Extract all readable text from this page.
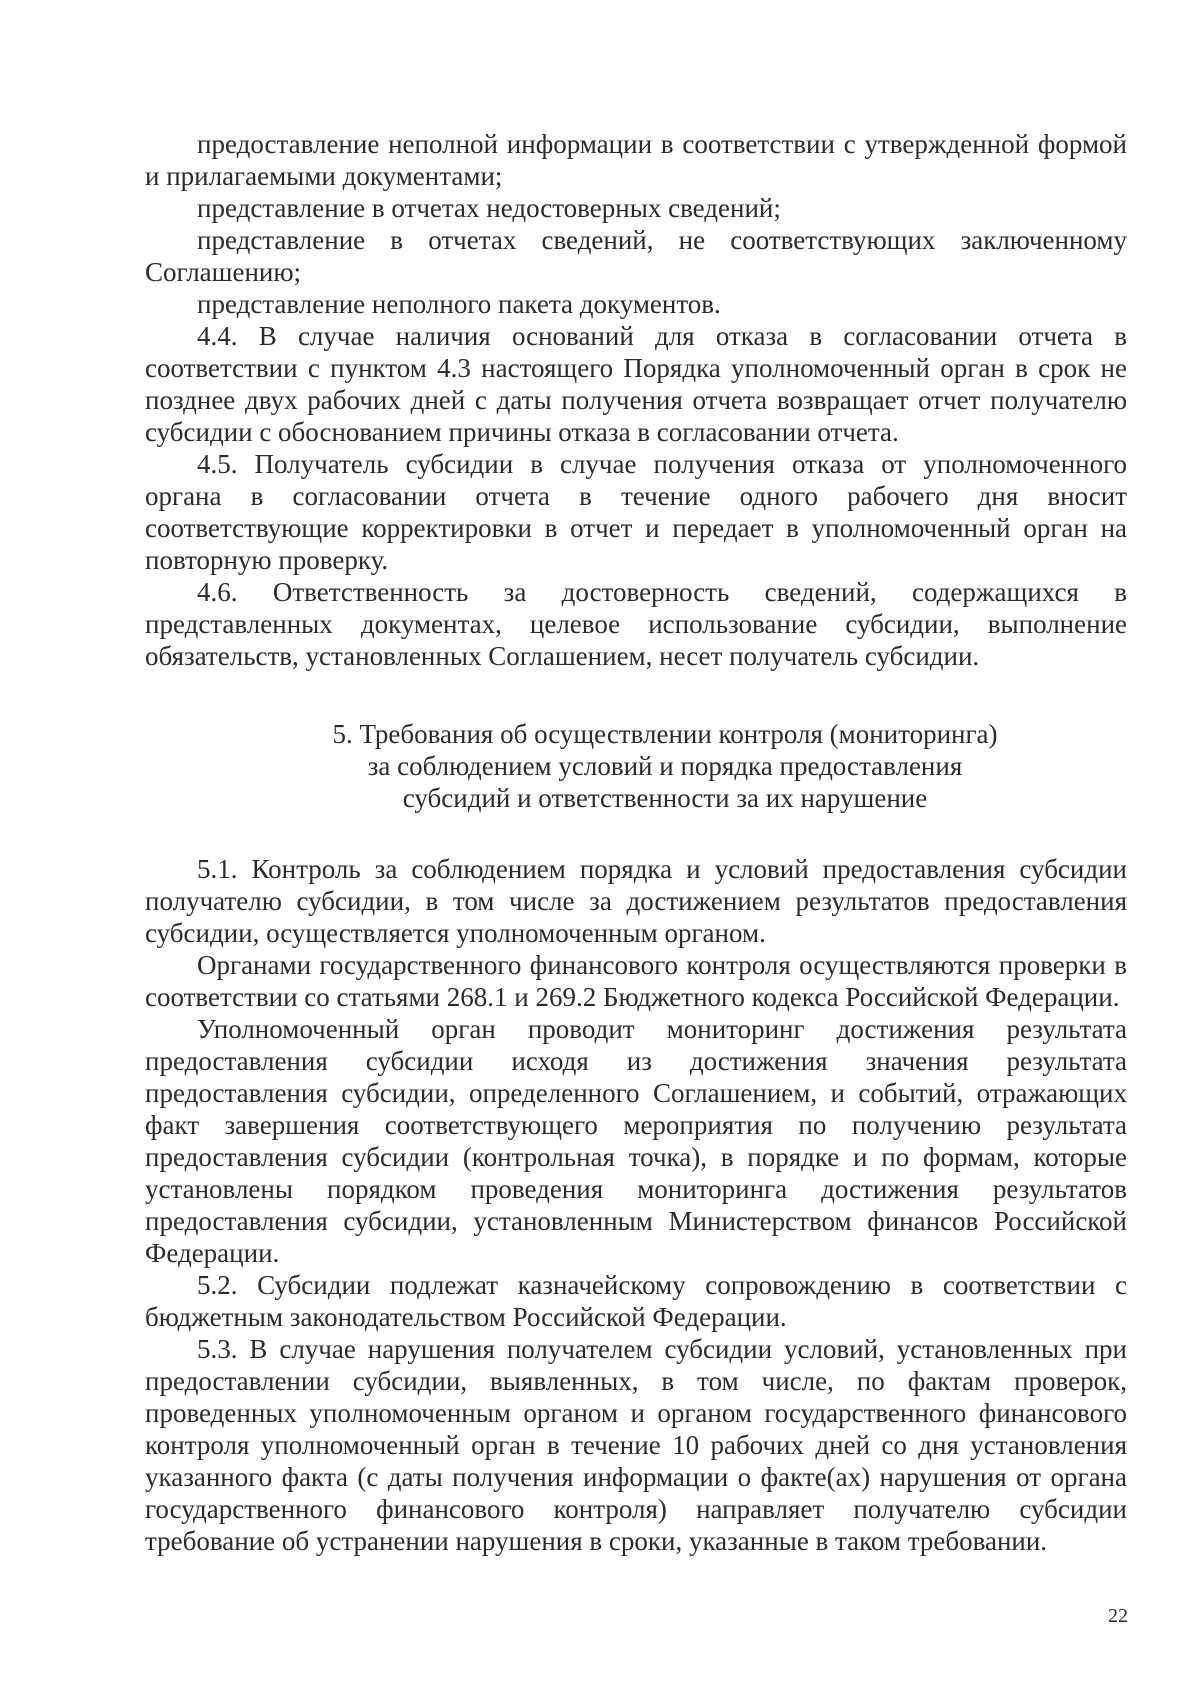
предоставление неполной информации в соответствии с утвержденной формой и прилагаемыми документами;

представление в отчетах недостоверных сведений;

представление в отчетах сведений, не соответствующих заключенному Соглашению;

представление неполного пакета документов.

4.4. В случае наличия оснований для отказа в согласовании отчета в соответствии с пунктом 4.3 настоящего Порядка уполномоченный орган в срок не позднее двух рабочих дней с даты получения отчета возвращает отчет получателю субсидии с обоснованием причины отказа в согласовании отчета.

4.5. Получатель субсидии в случае получения отказа от уполномоченного органа в согласовании отчета в течение одного рабочего дня вносит соответствующие корректировки в отчет и передает в уполномоченный орган на повторную проверку.

4.6. Ответственность за достоверность сведений, содержащихся в представленных документах, целевое использование субсидии, выполнение обязательств, установленных Соглашением, несет получатель субсидии.

5. Требования об осуществлении контроля (мониторинга)
за соблюдением условий и порядка предоставления
субсидий и ответственности за их нарушение

5.1. Контроль за соблюдением порядка и условий предоставления субсидии получателю субсидии, в том числе за достижением результатов предоставления субсидии, осуществляется уполномоченным органом.

Органами государственного финансового контроля осуществляются проверки в соответствии со статьями 268.1 и 269.2 Бюджетного кодекса Российской Федерации.

Уполномоченный орган проводит мониторинг достижения результата предоставления субсидии исходя из достижения значения результата предоставления субсидии, определенного Соглашением, и событий, отражающих факт завершения соответствующего мероприятия по получению результата предоставления субсидии (контрольная точка), в порядке и по формам, которые установлены порядком проведения мониторинга достижения результатов предоставления субсидии, установленным Министерством финансов Российской Федерации.

5.2. Субсидии подлежат казначейскому сопровождению в соответствии с бюджетным законодательством Российской Федерации.

5.3. В случае нарушения получателем субсидии условий, установленных при предоставлении субсидии, выявленных, в том числе, по фактам проверок, проведенных уполномоченным органом и органом государственного финансового контроля уполномоченный орган в течение 10 рабочих дней со дня установления указанного факта (с даты получения информации о факте(ах) нарушения от органа государственного финансового контроля) направляет получателю субсидии требование об устранении нарушения в сроки, указанные в таком требовании.

22
